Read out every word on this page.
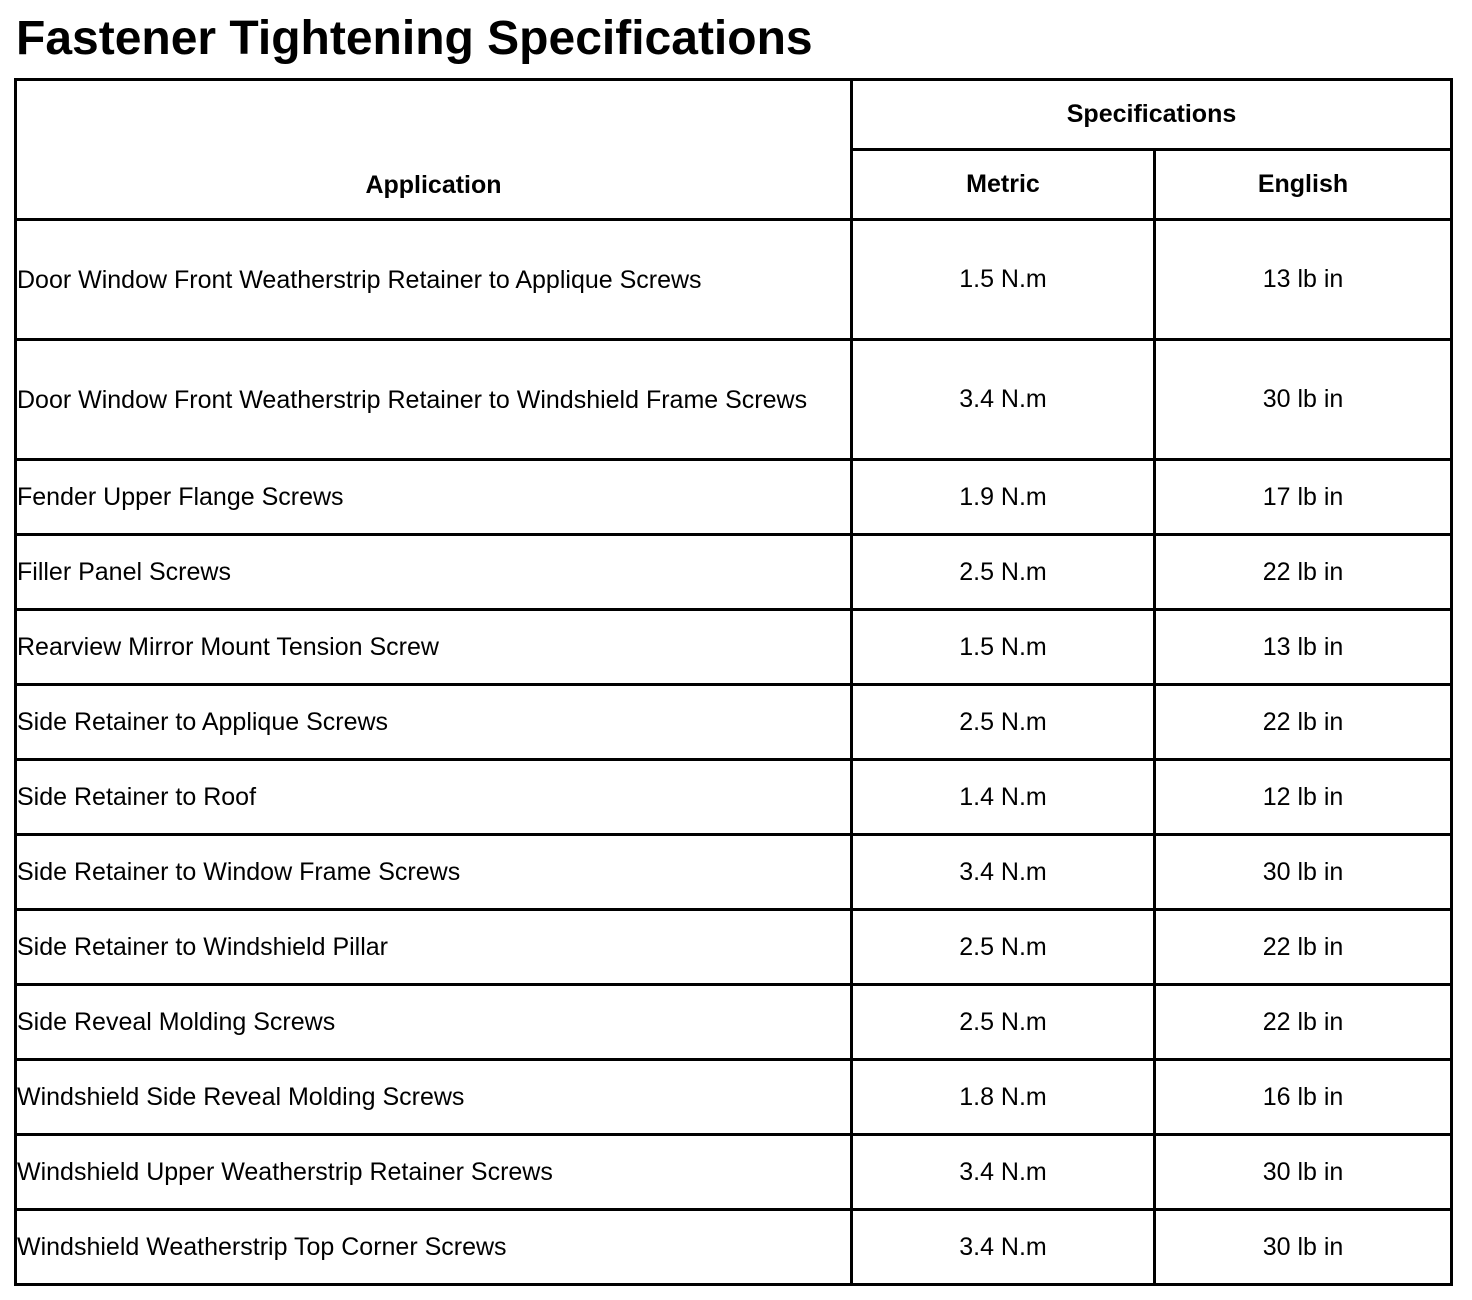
Fastener Tightening Specifications
Application	Specifications	
	Metric	English
Door Window Front Weatherstrip Retainer to Applique Screws	1.5 N.m	13 lb in
Door Window Front Weatherstrip Retainer to Windshield Frame Screws	3.4 N.m	30 lb in
Fender Upper Flange Screws	1.9 N.m	17 lb in
Filler Panel Screws	2.5 N.m	22 lb in
Rearview Mirror Mount Tension Screw	1.5 N.m	13 lb in
Side Retainer to Applique Screws	2.5 N.m	22 lb in
Side Retainer to Roof	1.4 N.m	12 lb in
Side Retainer to Window Frame Screws	3.4 N.m	30 lb in
Side Retainer to Windshield Pillar	2.5 N.m	22 lb in
Side Reveal Molding Screws	2.5 N.m	22 lb in
Windshield Side Reveal Molding Screws	1.8 N.m	16 lb in
Windshield Upper Weatherstrip Retainer Screws	3.4 N.m	30 lb in
Windshield Weatherstrip Top Corner Screws	3.4 N.m	30 lb in
